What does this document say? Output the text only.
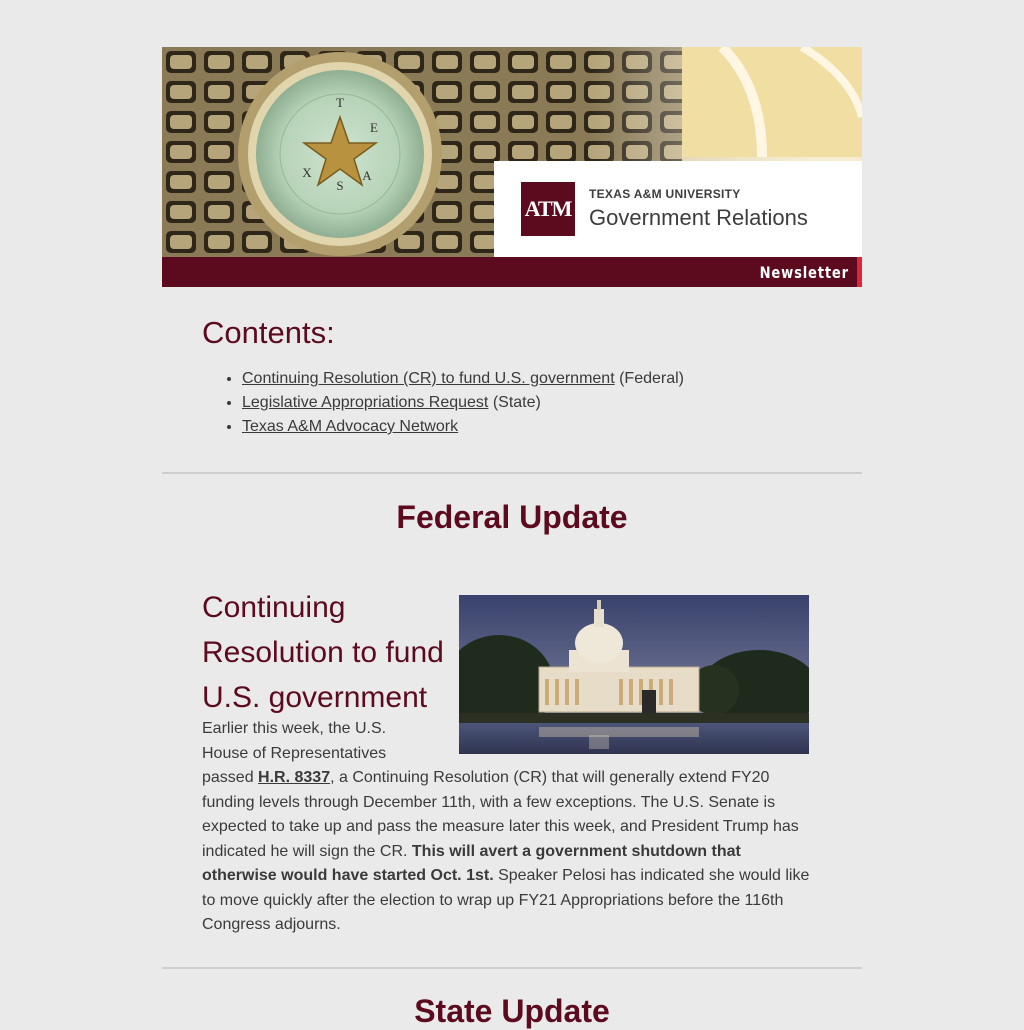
T
E
A
S
X
ATM
TEXAS A&M UNIVERSITY
Government Relations
Newsletter
Contents:
• Continuing Resolution (CR) to fund U.S. government (Federal)
• Legislative Appropriations Request (State)
• Texas A&M Advocacy Network
Federal Update
Continuing Resolution to fund U.S. government

Earlier this week, the U.S. House of Representatives passed H.R. 8337, a Continuing Resolution (CR) that will generally extend FY20 funding levels through December 11th, with a few exceptions. The U.S. Senate is expected to take up and pass the measure later this week, and President Trump has indicated he will sign the CR. This will avert a government shutdown that otherwise would have started Oct. 1st. Speaker Pelosi has indicated she would like to move quickly after the election to wrap up FY21 Appropriations before the 116th Congress adjourns.

State Update
